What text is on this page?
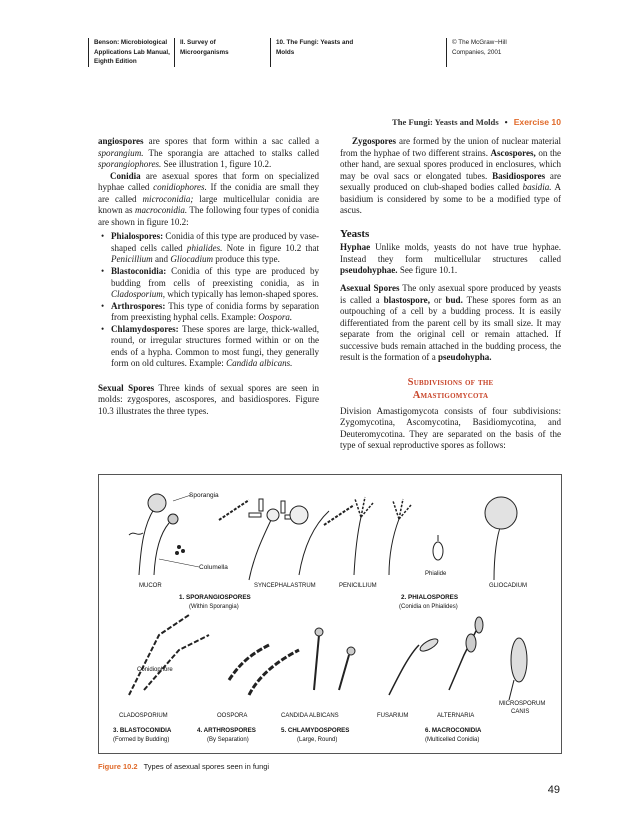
Benson: Microbiological
Applications Lab Manual,
Eighth Edition
II. Survey of
Microorganisms
10. The Fungi: Yeasts and
Molds
© The McGraw−Hill
Companies, 2001
The Fungi: Yeasts and Molds • Exercise 10

angiospores are spores that form within a sac called a sporangium. The sporangia are attached to stalks called sporangiophores. See illustration 1, figure 10.2.

Conidia are asexual spores that form on specialized hyphae called conidiophores. If the conidia are small they are called microconidia; large multicellular conidia are known as macroconidia. The following four types of conidia are shown in figure 10.2:

• Phialospores: Conidia of this type are produced by vase-shaped cells called phialides. Note in figure 10.2 that Penicillium and Gliocadium produce this type.
• Blastoconidia: Conidia of this type are produced by budding from cells of preexisting conidia, as in Cladosporium, which typically has lemon-shaped spores.
• Arthrospores: This type of conidia forms by separation from preexisting hyphal cells. Example: Oospora.
• Chlamydospores: These spores are large, thick-walled, round, or irregular structures formed within or on the ends of a hypha. Common to most fungi, they generally form on old cultures. Example: Candida albicans.

Sexual Spores Three kinds of sexual spores are seen in molds: zygospores, ascospores, and basidiospores. Figure 10.3 illustrates the three types.

Zygospores are formed by the union of nuclear material from the hyphae of two different strains. Ascospores, on the other hand, are sexual spores produced in enclosures, which may be oval sacs or elongated tubes. Basidiospores are sexually produced on club-shaped bodies called basidia. A basidium is considered by some to be a modified type of ascus.

Yeasts

Hyphae Unlike molds, yeasts do not have true hyphae. Instead they form multicellular structures called pseudohyphae. See figure 10.1.

Asexual Spores The only asexual spore produced by yeasts is called a blastospore, or bud. These spores form as an outpouching of a cell by a budding process. It is easily differentiated from the parent cell by its small size. It may separate from the original cell or remain attached. If successive buds remain attached in the budding process, the result is the formation of a pseudohypha.

Subdivisions of the
Amastigomycota

Division Amastigomycota consists of four subdivisions: Zygomycotina, Ascomycotina, Basidiomycotina, and Deuteromycotina. They are separated on the basis of the type of sexual reproductive spores as follows:

Sporangia
Columella
Phialide
Conidiophore
MUCOR	SYNCEPHALASTRUM	PENICILLIUM	GLIOCADIUM
1. SPORANGIOSPORES
(Within Sporangia)
2. PHIALOSPORES
(Conidia on Phialides)
CLADOSPORIUM	OOSPORA	CANDIDA ALBICANS	FUSARIUM	ALTERNARIA
MICROSPORUM
CANIS
3. BLASTOCONIDIA
(Formed by Budding)
4. ARTHROSPORES
(By Separation)
5. CHLAMYDOSPORES
(Large, Round)
6. MACROCONIDIA
(Multicelled Conidia)
Figure 10.2 Types of asexual spores seen in fungi
49
